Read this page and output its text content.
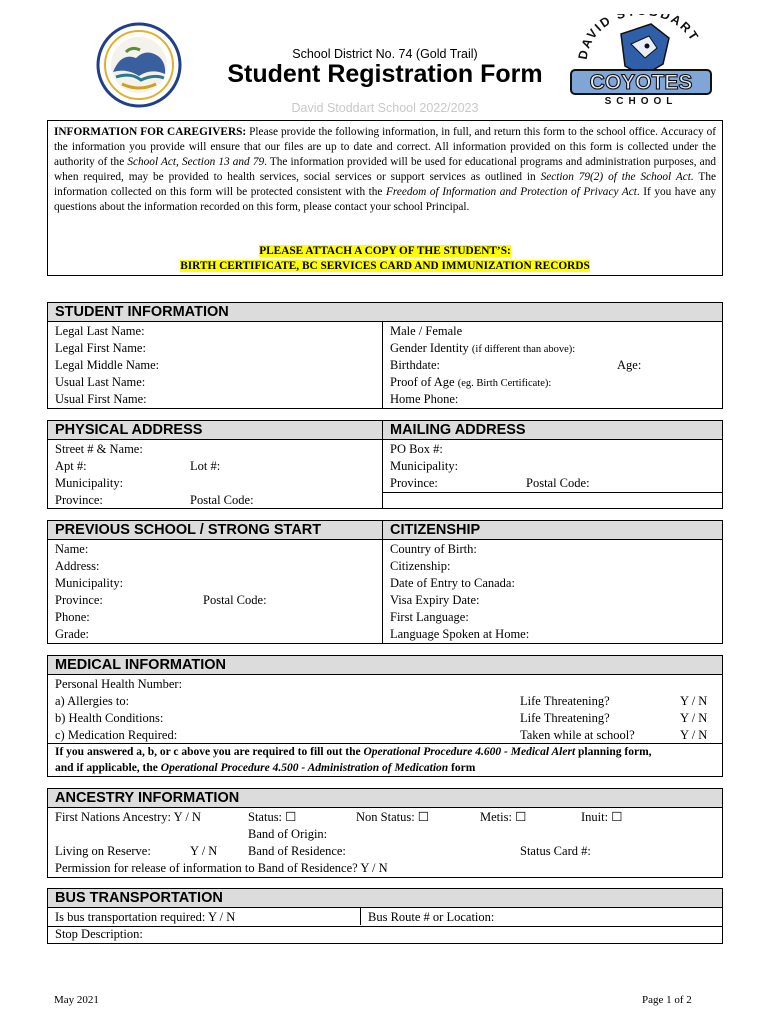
School District No. 74 (Gold Trail)
Student Registration Form
David Stoddart School 2022/2023
DAVID S DART
COYOTES
SCHOOL
INFORMATION FOR CAREGIVERS: Please provide the following information, in full, and return this form to the school office. Accuracy of the information you provide will ensure that our files are up to date and correct. All information provided on this form is collected under the authority of the School Act, Section 13 and 79. The information provided will be used for educational programs and administration purposes, and when required, may be provided to health services, social services or support services as outlined in Section 79(2) of the School Act. The information collected on this form will be protected consistent with the Freedom of Information and Protection of Privacy Act. If you have any questions about the information recorded on this form, please contact your school Principal.
PLEASE ATTACH A COPY OF THE STUDENT’S:
BIRTH CERTIFICATE, BC SERVICES CARD AND IMMUNIZATION RECORDS
STUDENT INFORMATION
Legal Last Name:
Legal First Name:
Legal Middle Name:
Usual Last Name:
Usual First Name:
Male / Female
Gender Identity (if different than above):
Birthdate:	Age:
Proof of Age (eg. Birth Certificate):
Home Phone:
PHYSICAL ADDRESS	MAILING ADDRESS
Street # & Name:
Apt #:	Lot #:
Municipality:
Province:	Postal Code:
PO Box #:
Municipality:
Province:	Postal Code:
PREVIOUS SCHOOL / STRONG START	CITIZENSHIP
Name:
Address:
Municipality:
Province:	Postal Code:
Phone:
Grade:
Country of Birth:
Citizenship:
Date of Entry to Canada:
Visa Expiry Date:
First Language:
Language Spoken at Home:
MEDICAL INFORMATION
Personal Health Number:
a) Allergies to:	Life Threatening?	Y / N
b) Health Conditions:	Life Threatening?	Y / N
c) Medication Required:	Taken while at school?	Y / N
If you answered a, b, or c above you are required to fill out the Operational Procedure 4.600 - Medical Alert planning form,
and if applicable, the Operational Procedure 4.500 - Administration of Medication form
ANCESTRY INFORMATION
First Nations Ancestry: Y / N	Status: ☐	Non Status: ☐	Metis: ☐	Inuit: ☐
Band of Origin:
Living on Reserve:	Y / N Band of Residence:	Status Card #:
Permission for release of information to Band of Residence? Y / N
BUS TRANSPORTATION
Is bus transportation required: Y / N	Bus Route # or Location:
Stop Description:
May 2021	Page 1 of 2
